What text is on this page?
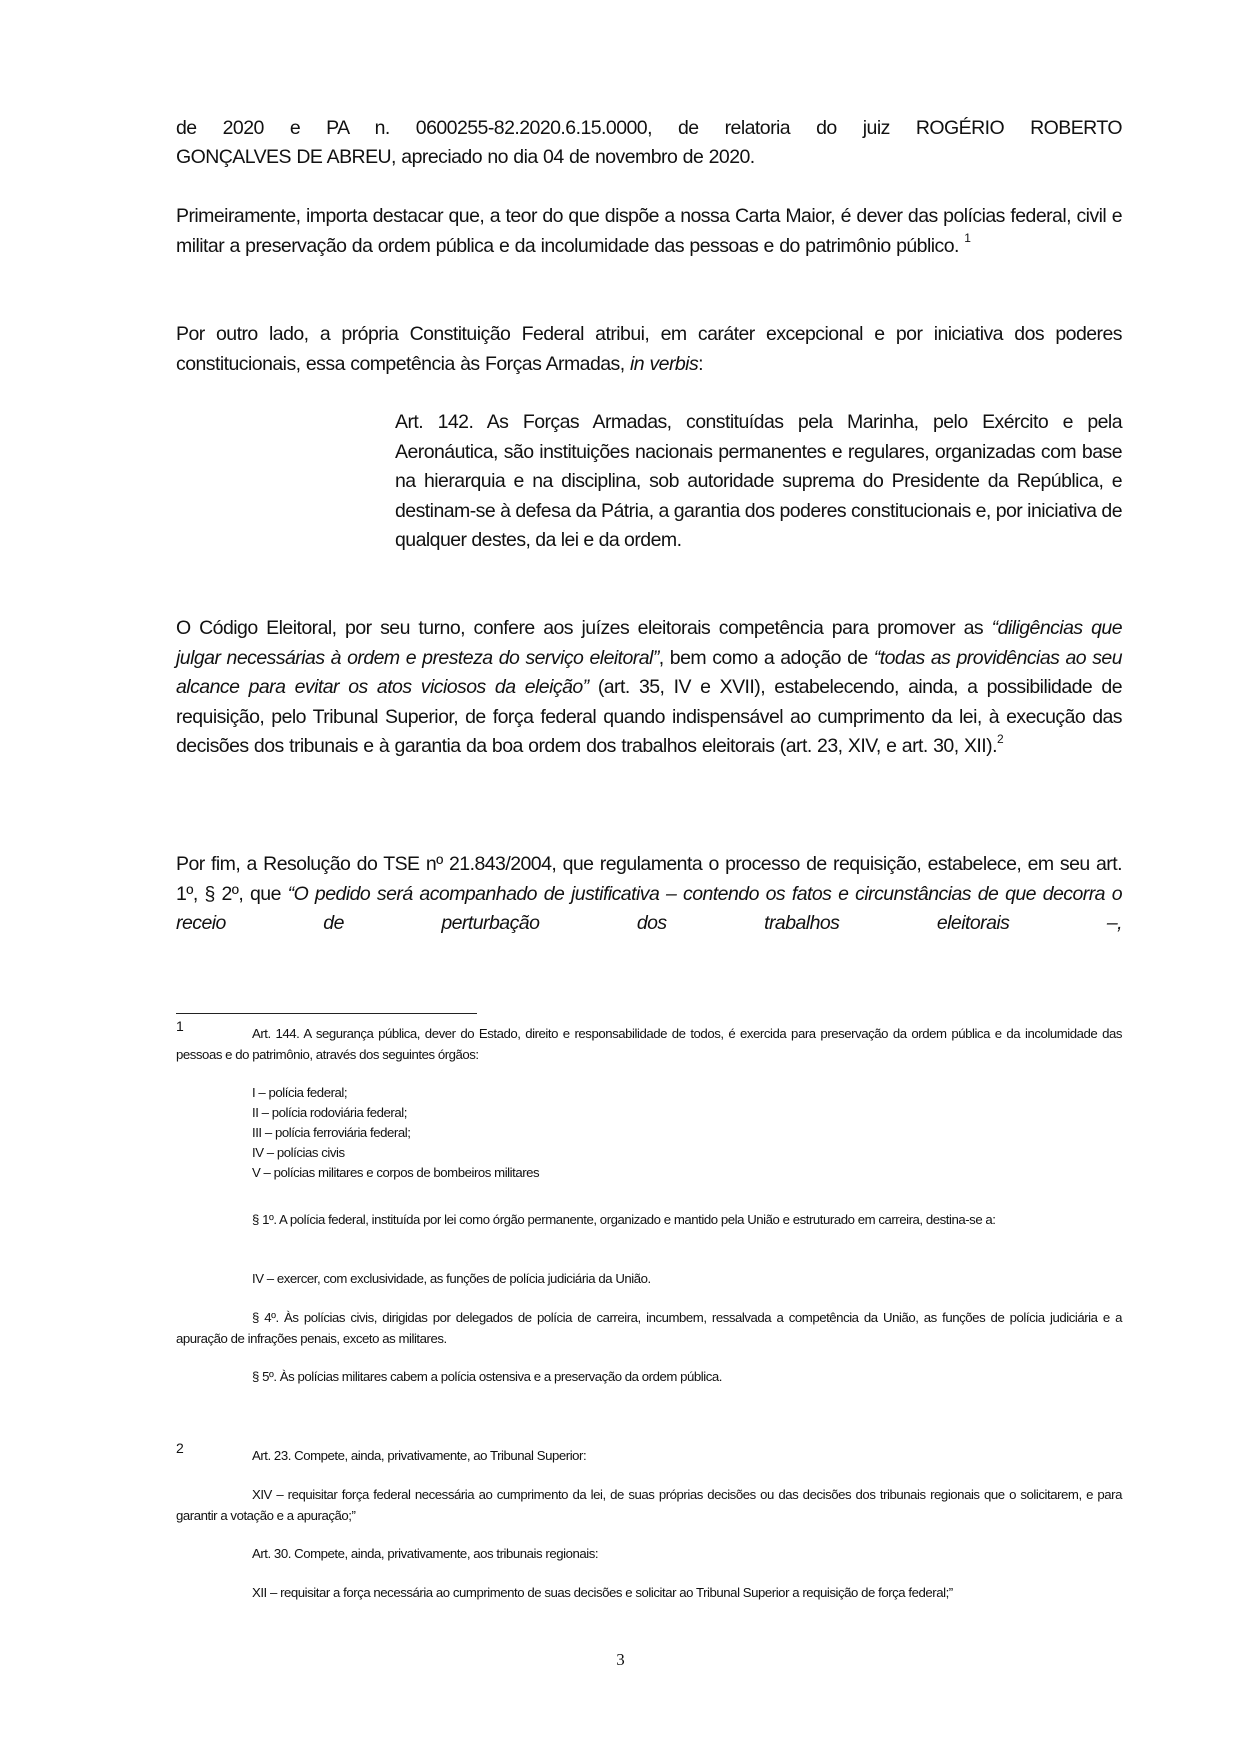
de 2020 e PA n. 0600255-82.2020.6.15.0000, de relatoria do juiz ROGÉRIO ROBERTO

GONÇALVES DE ABREU, apreciado no dia 04 de novembro de 2020.

Primeiramente, importa destacar que, a teor do que dispõe a nossa Carta Maior, é dever das polícias federal, civil e militar a preservação da ordem pública e da incolumidade das pessoas e do patrimônio público. $^1$

Por outro lado, a própria Constituição Federal atribui, em caráter excepcional e por iniciativa dos poderes constitucionais, essa competência às Forças Armadas, in verbis:

Art. 142. As Forças Armadas, constituídas pela Marinha, pelo Exército e pela Aeronáutica, são instituições nacionais permanentes e regulares, organizadas com base na hierarquia e na disciplina, sob autoridade suprema do Presidente da República, e destinam-se à defesa da Pátria, a garantia dos poderes constitucionais e, por iniciativa de qualquer destes, da lei e da ordem.

O Código Eleitoral, por seu turno, confere aos juízes eleitorais competência para promover as “diligências que julgar necessárias à ordem e presteza do serviço eleitoral”, bem como a adoção de “todas as providências ao seu alcance para evitar os atos viciosos da eleição” (art. 35, IV e XVII), estabelecendo, ainda, a possibilidade de requisição, pelo Tribunal Superior, de força federal quando indispensável ao cumprimento da lei, à execução das decisões dos tribunais e à garantia da boa ordem dos trabalhos eleitorais (art. 23, XIV, e art. 30, XII).$^2$

Por fim, a Resolução do TSE nº 21.843/2004, que regulamenta o processo de requisição, estabelece, em seu art. 1º, § 2º, que “O pedido será acompanhado de justificativa – contendo os fatos e circunstâncias de que decorra o receio de perturbação dos trabalhos eleitorais –,

1	Art. 144. A segurança pública, dever do Estado, direito e responsabilidade de todos, é exercida para preservação da ordem pública e da incolumidade das pessoas e do patrimônio, através dos seguintes órgãos:

I – polícia federal;
II – polícia rodoviária federal;
III – polícia ferroviária federal;
IV – polícias civis
V – polícias militares e corpos de bombeiros militares

§ 1º. A polícia federal, instituída por lei como órgão permanente, organizado e mantido pela União e estruturado em carreira, destina-se a:

IV – exercer, com exclusividade, as funções de polícia judiciária da União.

§ 4º. Às polícias civis, dirigidas por delegados de polícia de carreira, incumbem, ressalvada a competência da União, as funções de polícia judiciária e a apuração de infrações penais, exceto as militares.

§ 5º. Às polícias militares cabem a polícia ostensiva e a preservação da ordem pública.

2	Art. 23. Compete, ainda, privativamente, ao Tribunal Superior:

XIV – requisitar força federal necessária ao cumprimento da lei, de suas próprias decisões ou das decisões dos tribunais regionais que o solicitarem, e para garantir a votação e a apuração;”

Art. 30. Compete, ainda, privativamente, aos tribunais regionais:

XII – requisitar a força necessária ao cumprimento de suas decisões e solicitar ao Tribunal Superior a requisição de força federal;”

3
